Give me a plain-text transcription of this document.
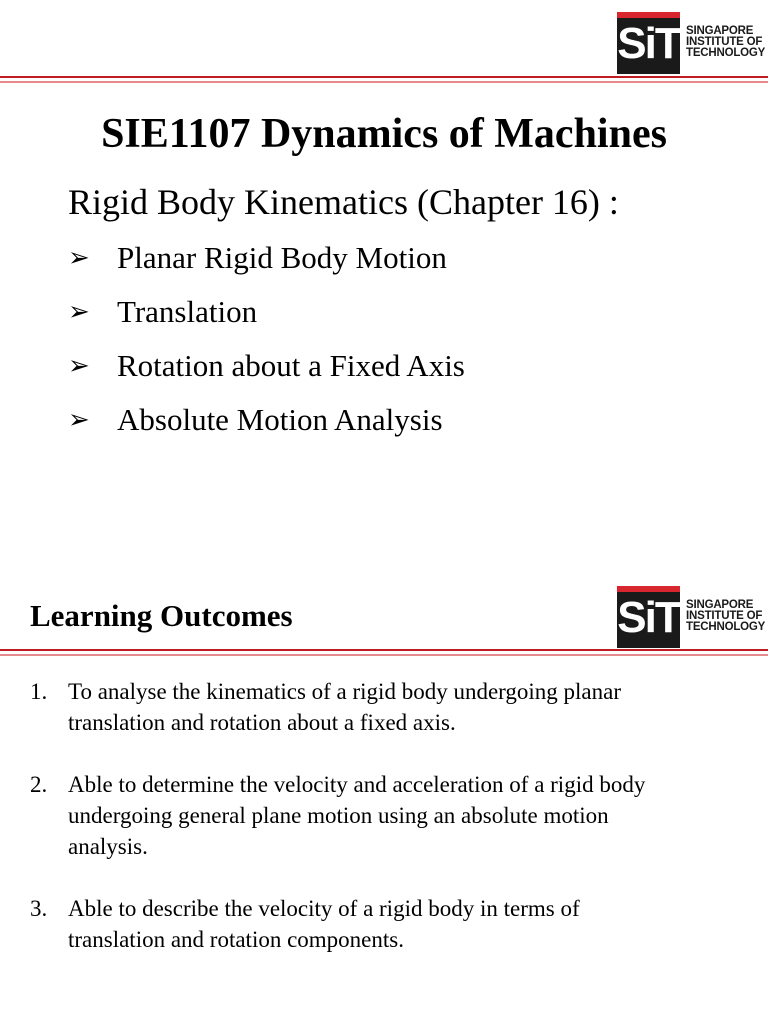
SiT SINGAPORE
INSTITUTE OF
TECHNOLOGY
SIE1107 Dynamics of Machines
Rigid Body Kinematics (Chapter 16) :
➢ Planar Rigid Body Motion
➢ Translation
➢ Rotation about a Fixed Axis
➢ Absolute Motion Analysis
Learning Outcomes	SiT SINGAPORE
INSTITUTE OF
TECHNOLOGY
1. To analyse the kinematics of a rigid body undergoing planar
translation and rotation about a fixed axis.
2. Able to determine the velocity and acceleration of a rigid body
undergoing general plane motion using an absolute motion
analysis.
3. Able to describe the velocity of a rigid body in terms of
translation and rotation components.
